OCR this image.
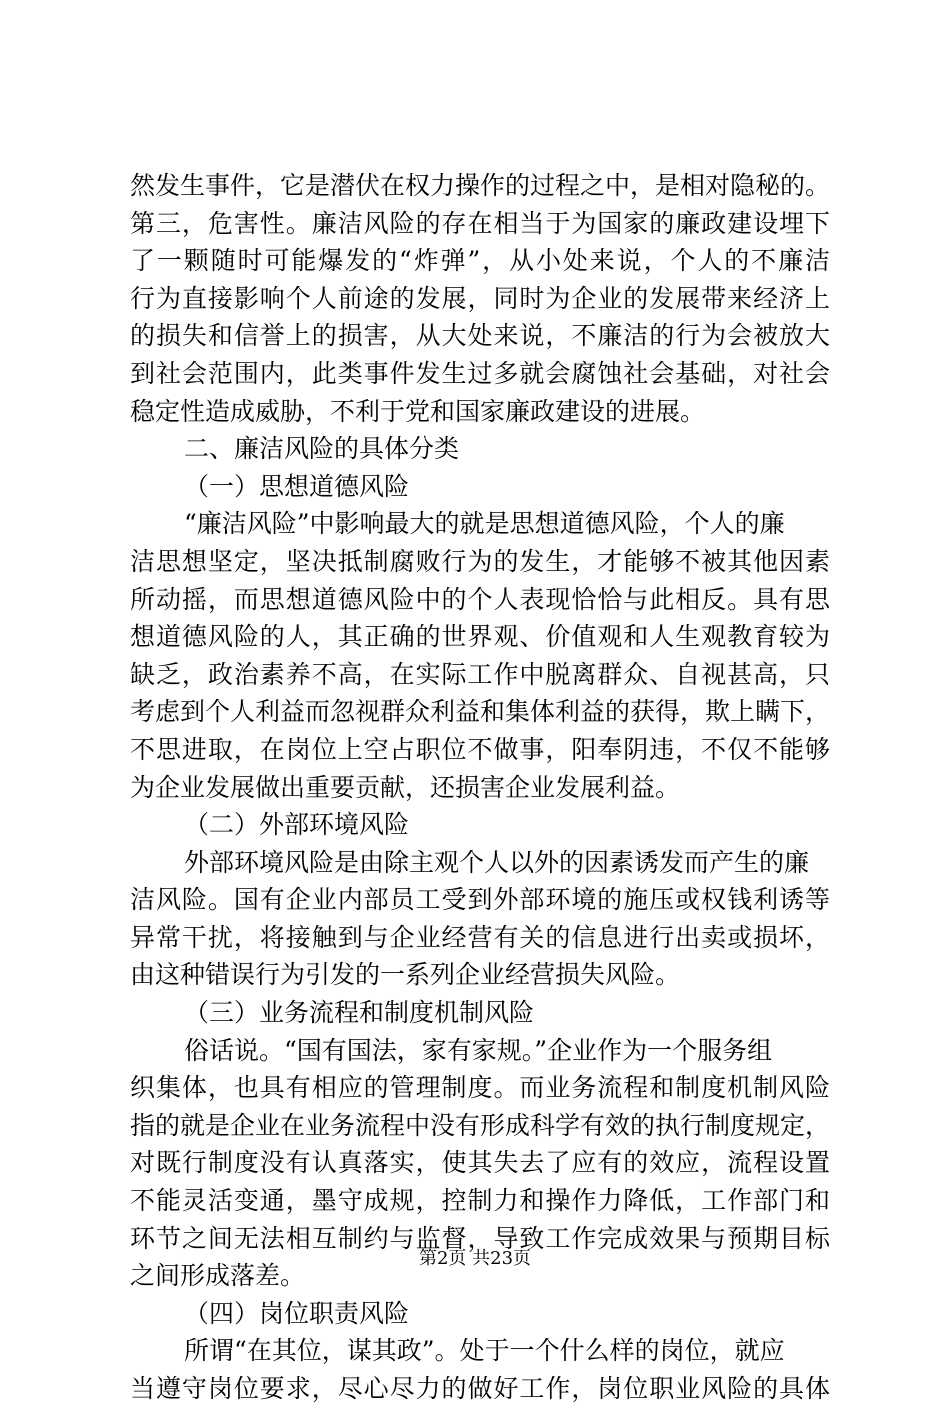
然发生事件，它是潜伏在权力操作的过程之中，是相对隐秘的。
第三，危害性。廉洁风险的存在相当于为国家的廉政建设埋下
了一颗随时可能爆发的“炸弹”，从小处来说，个人的不廉洁
行为直接影响个人前途的发展，同时为企业的发展带来经济上
的损失和信誉上的损害，从大处来说，不廉洁的行为会被放大
到社会范围内，此类事件发生过多就会腐蚀社会基础，对社会
稳定性造成威胁，不利于党和国家廉政建设的进展。
二、廉洁风险的具体分类
（一）思想道德风险
“廉洁风险”中影响最大的就是思想道德风险，个人的廉
洁思想坚定，坚决抵制腐败行为的发生，才能够不被其他因素
所动摇，而思想道德风险中的个人表现恰恰与此相反。具有思
想道德风险的人，其正确的世界观、价值观和人生观教育较为
缺乏，政治素养不高，在实际工作中脱离群众、自视甚高，只
考虑到个人利益而忽视群众利益和集体利益的获得，欺上瞒下，
不思进取，在岗位上空占职位不做事，阳奉阴违，不仅不能够
为企业发展做出重要贡献，还损害企业发展利益。
（二）外部环境风险
外部环境风险是由除主观个人以外的因素诱发而产生的廉
洁风险。国有企业内部员工受到外部环境的施压或权钱利诱等
异常干扰，将接触到与企业经营有关的信息进行出卖或损坏，
由这种错误行为引发的一系列企业经营损失风险。
（三）业务流程和制度机制风险
俗话说。“国有国法，家有家规。”企业作为一个服务组
织集体，也具有相应的管理制度。而业务流程和制度机制风险
指的就是企业在业务流程中没有形成科学有效的执行制度规定，
对既行制度没有认真落实，使其失去了应有的效应，流程设置
不能灵活变通，墨守成规，控制力和操作力降低，工作部门和
环节之间无法相互制约与监督，导致工作完成效果与预期目标
之间形成落差。
（四）岗位职责风险
所谓“在其位，谋其政”。处于一个什么样的岗位，就应
当遵守岗位要求，尽心尽力的做好工作，岗位职业风险的具体
第2页 共23页
